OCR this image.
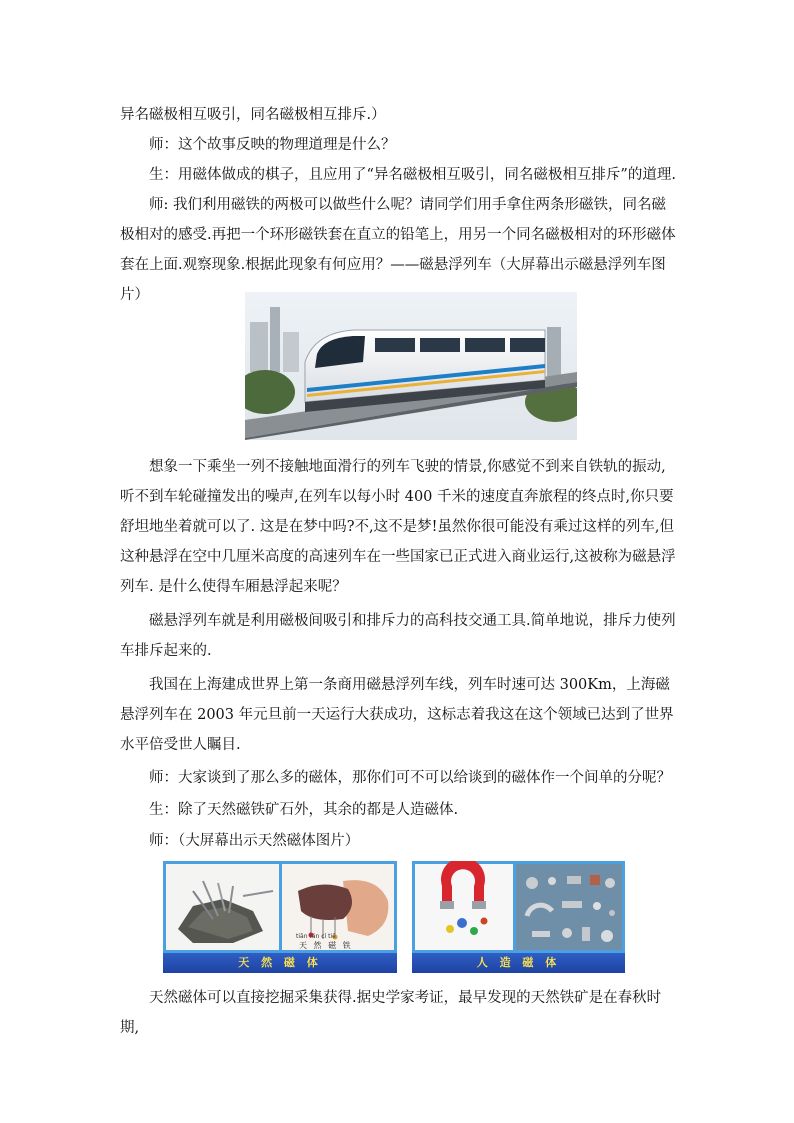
异名磁极相互吸引，同名磁极相互排斥.）

师：这个故事反映的物理道理是什么？

生：用磁体做成的棋子，且应用了“异名磁极相互吸引，同名磁极相互排斥”的道理.

师: 我们利用磁铁的两极可以做些什么呢？请同学们用手拿住两条形磁铁，同名磁极相对的感受.再把一个环形磁铁套在直立的铅笔上，用另一个同名磁极相对的环形磁体套在上面.观察现象.根据此现象有何应用？——磁悬浮列车（大屏幕出示磁悬浮列车图片）

想象一下乘坐一列不接触地面滑行的列车飞驶的情景,你感觉不到来自铁轨的振动,听不到车轮碰撞发出的噪声,在列车以每小时 400 千米的速度直奔旅程的终点时,你只要舒坦地坐着就可以了. 这是在梦中吗?不,这不是梦!虽然你很可能没有乘过这样的列车,但这种悬浮在空中几厘米高度的高速列车在一些国家已正式进入商业运行,这被称为磁悬浮列车. 是什么使得车厢悬浮起来呢？

磁悬浮列车就是利用磁极间吸引和排斥力的高科技交通工具.简单地说，排斥力使列车排斥起来的.

我国在上海建成世界上第一条商用磁悬浮列车线，列车时速可达 300Km，上海磁悬浮列车在 2003 年元旦前一天运行大获成功，这标志着我这在这个领域已达到了世界水平倍受世人瞩目.

师：大家谈到了那么多的磁体，那你们可不可以给谈到的磁体作一个间单的分呢？

生：除了天然磁铁矿石外，其余的都是人造磁体.

师：（大屏幕出示天然磁体图片）

tiān rán cí tiě
天 然 磁 铁
天 然 磁 体	人 造 磁 体

天然磁体可以直接挖掘采集获得.据史学家考证，最早发现的天然铁矿是在春秋时期,
